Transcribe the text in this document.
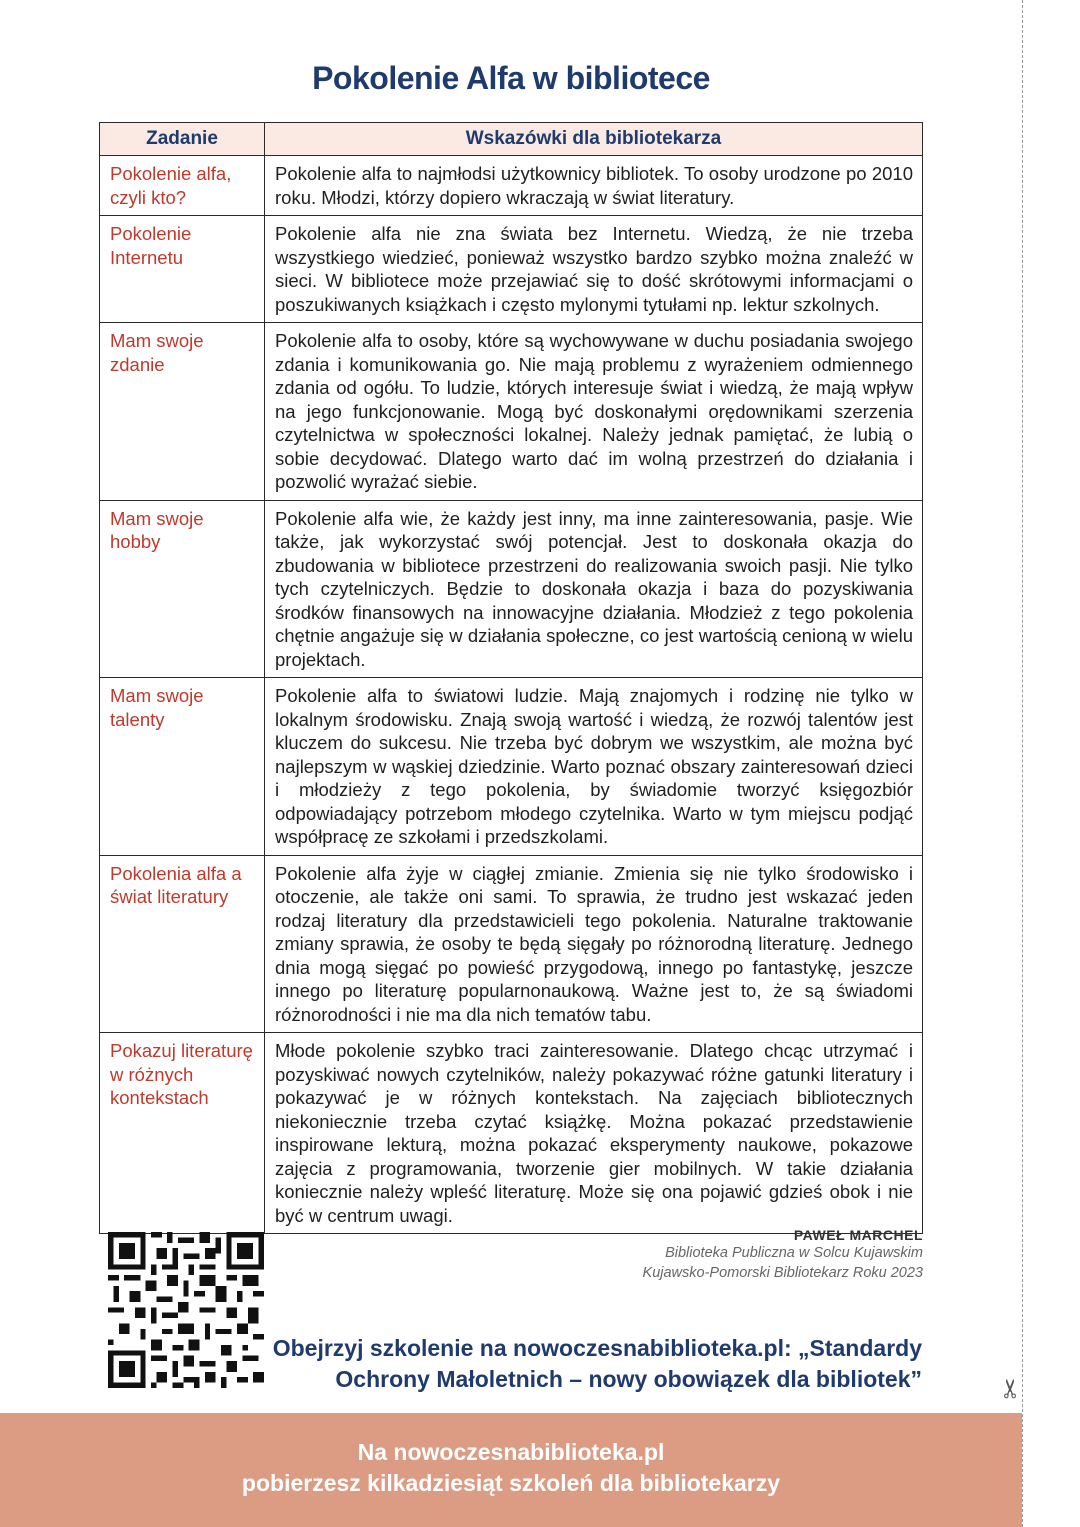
Pokolenie Alfa w bibliotece
Zadanie	Wskazówki dla bibliotekarza
Pokolenie alfa, czyli kto?	Pokolenie alfa to najmłodsi użytkownicy bibliotek. To osoby urodzone po 2010 roku. Młodzi, którzy dopiero wkraczają w świat literatury.
Pokolenie Internetu	Pokolenie alfa nie zna świata bez Internetu. Wiedzą, że nie trzeba wszystkiego wiedzieć, ponieważ wszystko bardzo szybko można znaleźć w sieci. W bibliotece może przejawiać się to dość skrótowymi informacjami o poszukiwanych książkach i często mylonymi tytułami np. lektur szkolnych.
Mam swoje zdanie	Pokolenie alfa to osoby, które są wychowywane w duchu posiadania swojego zdania i komunikowania go. Nie mają problemu z wyrażeniem odmiennego zdania od ogółu. To ludzie, których interesuje świat i wiedzą, że mają wpływ na jego funkcjonowanie. Mogą być doskonałymi orędownikami szerzenia czytelnictwa w społeczności lokalnej. Należy jednak pamiętać, że lubią o sobie decydować. Dlatego warto dać im wolną przestrzeń do działania i pozwolić wyrażać siebie.
Mam swoje hobby	Pokolenie alfa wie, że każdy jest inny, ma inne zainteresowania, pasje. Wie także, jak wykorzystać swój potencjał. Jest to doskonała okazja do zbudowania w bibliotece przestrzeni do realizowania swoich pasji. Nie tylko tych czytelniczych. Będzie to doskonała okazja i baza do pozyskiwania środków finansowych na innowacyjne działania. Młodzież z tego pokolenia chętnie angażuje się w działania społeczne, co jest wartością cenioną w wielu projektach.
Mam swoje talenty	Pokolenie alfa to światowi ludzie. Mają znajomych i rodzinę nie tylko w lokalnym środowisku. Znają swoją wartość i wiedzą, że rozwój talentów jest kluczem do sukcesu. Nie trzeba być dobrym we wszystkim, ale można być najlepszym w wąskiej dziedzinie. Warto poznać obszary zainteresowań dzieci i młodzieży z tego pokolenia, by świadomie tworzyć księgozbiór odpowiadający potrzebom młodego czytelnika. Warto w tym miejscu podjąć współpracę ze szkołami i przedszkolami.
Pokolenia alfa a świat literatury	Pokolenie alfa żyje w ciągłej zmianie. Zmienia się nie tylko środowisko i otoczenie, ale także oni sami. To sprawia, że trudno jest wskazać jeden rodzaj literatury dla przedstawicieli tego pokolenia. Naturalne traktowanie zmiany sprawia, że osoby te będą sięgały po różnorodną literaturę. Jednego dnia mogą sięgać po powieść przygodową, innego po fantastykę, jeszcze innego po literaturę popularnonaukową. Ważne jest to, że są świadomi różnorodności i nie ma dla nich tematów tabu.
Pokazuj literaturę w różnych kontekstach	Młode pokolenie szybko traci zainteresowanie. Dlatego chcąc utrzymać i pozyskiwać nowych czytelników, należy pokazywać różne gatunki literatury i pokazywać je w różnych kontekstach. Na zajęciach bibliotecznych niekoniecznie trzeba czytać książkę. Można pokazać przedstawienie inspirowane lekturą, można pokazać eksperymenty naukowe, pokazowe zajęcia z programowania, tworzenie gier mobilnych. W takie działania koniecznie należy wpleść literaturę. Może się ona pojawić gdzieś obok i nie być w centrum uwagi.
PAWEŁ MARCHEL
Biblioteka Publiczna w Solcu Kujawskim
Kujawsko-Pomorski Bibliotekarz Roku 2023
Obejrzyj szkolenie na nowoczesnabiblioteka.pl: „Standardy
Ochrony Małoletnich – nowy obowiązek dla bibliotek”
Na nowoczesnabiblioteka.pl
pobierzesz kilkadziesiąt szkoleń dla bibliotekarzy
✂
